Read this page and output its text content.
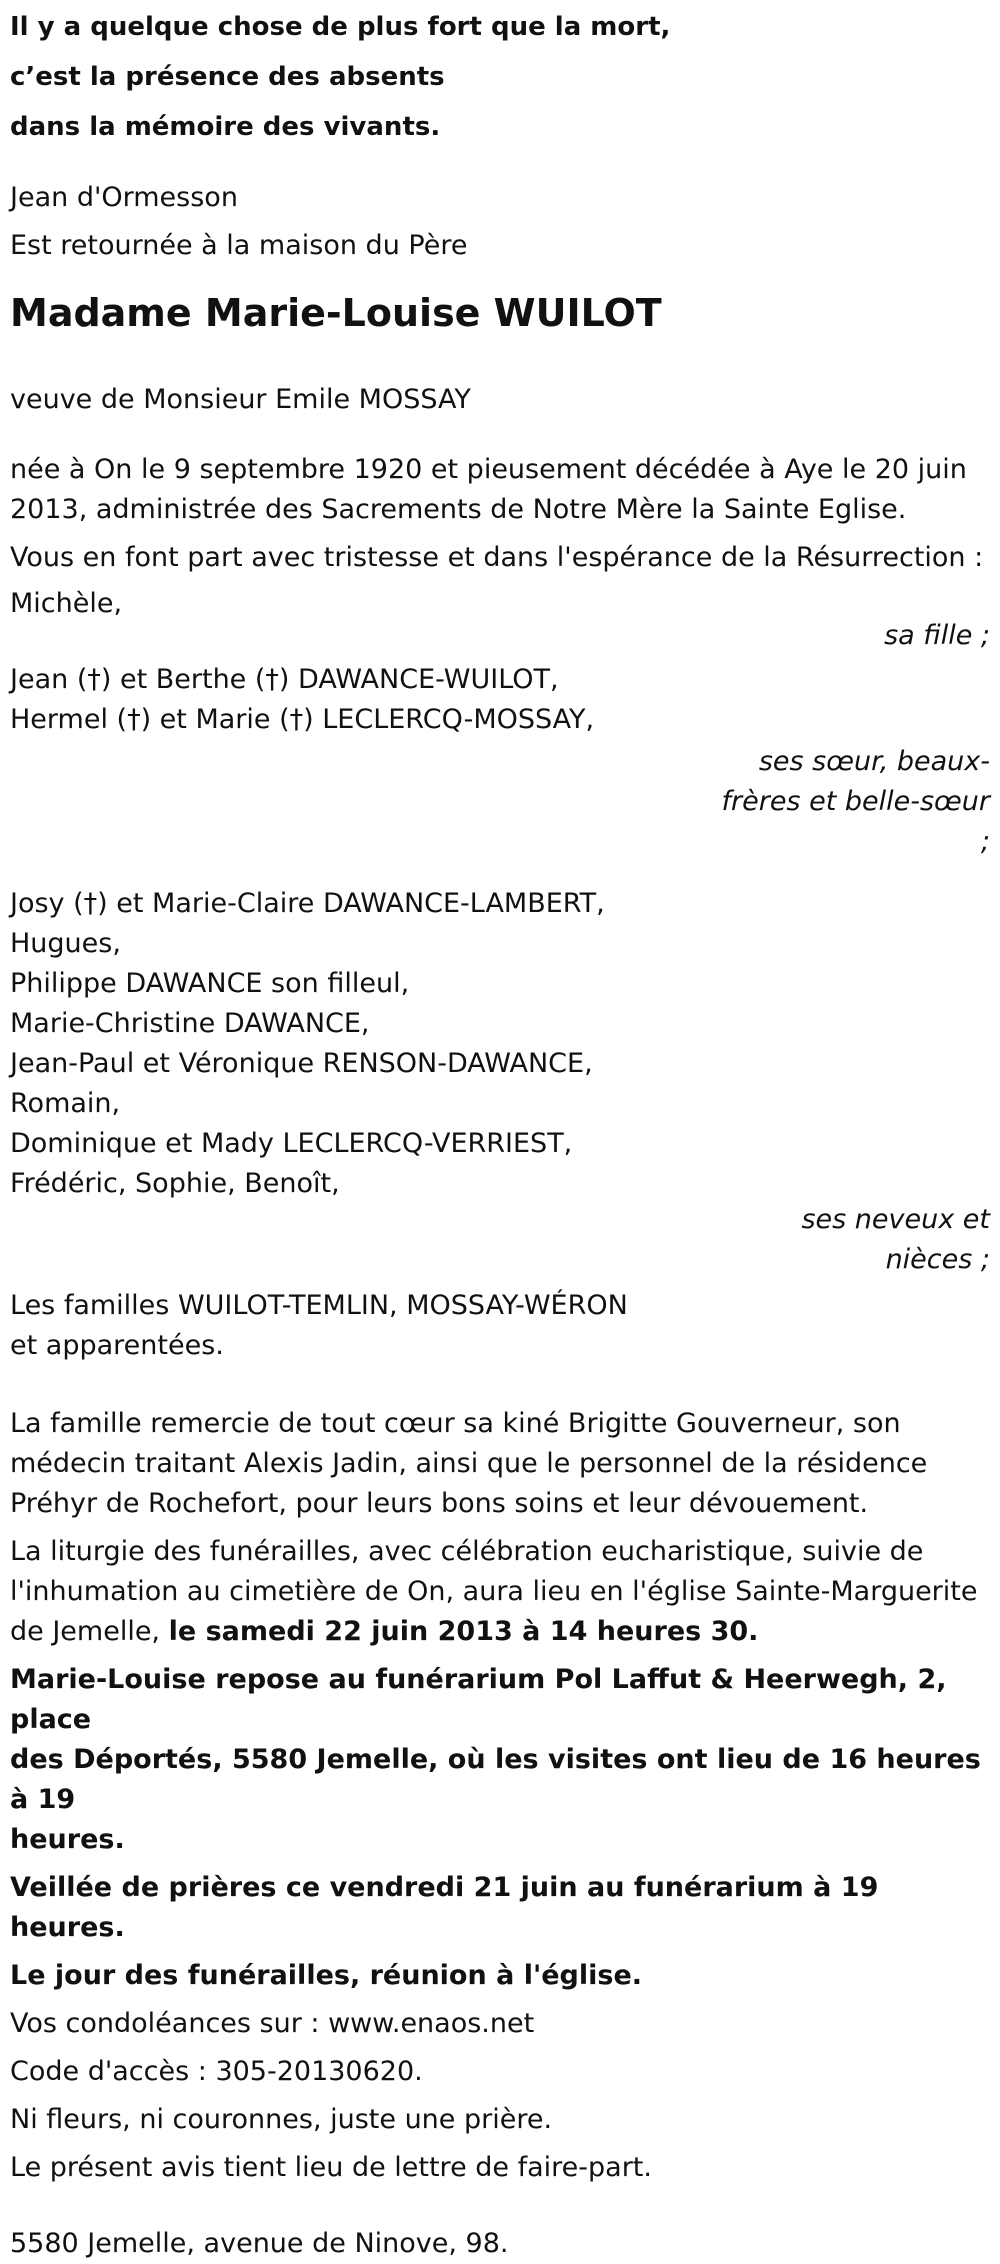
Il y a quelque chose de plus fort que la mort,
c’est la présence des absents
dans la mémoire des vivants.
Jean d'Ormesson
Est retournée à la maison du Père
Madame Marie-Louise WUILOT
veuve de Monsieur Emile MOSSAY
née à On le 9 septembre 1920 et pieusement décédée à Aye le 20 juin
2013, administrée des Sacrements de Notre Mère la Sainte Eglise.
Vous en font part avec tristesse et dans l'espérance de la Résurrection :
Michèle,
sa fille ;
Jean (†) et Berthe (†) DAWANCE-WUILOT,
Hermel (†) et Marie (†) LECLERCQ-MOSSAY,
ses sœur, beaux-
frères et belle-sœur
;
Josy (†) et Marie-Claire DAWANCE-LAMBERT,
Hugues,
Philippe DAWANCE son filleul,
Marie-Christine DAWANCE,
Jean-Paul et Véronique RENSON-DAWANCE,
Romain,
Dominique et Mady LECLERCQ-VERRIEST,
Frédéric, Sophie, Benoît,
ses neveux et
nièces ;
Les familles WUILOT-TEMLIN, MOSSAY-WÉRON
et apparentées.
La famille remercie de tout cœur sa kiné Brigitte Gouverneur, son
médecin traitant Alexis Jadin, ainsi que le personnel de la résidence
Préhyr de Rochefort, pour leurs bons soins et leur dévouement.
La liturgie des funérailles, avec célébration eucharistique, suivie de
l'inhumation au cimetière de On, aura lieu en l'église Sainte-Marguerite
de Jemelle, le samedi 22 juin 2013 à 14 heures 30.
Marie-Louise repose au funérarium Pol Laffut & Heerwegh, 2, place
des Déportés, 5580 Jemelle, où les visites ont lieu de 16 heures à 19
heures.
Veillée de prières ce vendredi 21 juin au funérarium à 19 heures.
Le jour des funérailles, réunion à l'église.
Vos condoléances sur : www.enaos.net
Code d'accès : 305-20130620.
Ni fleurs, ni couronnes, juste une prière.
Le présent avis tient lieu de lettre de faire-part.
5580 Jemelle, avenue de Ninove, 98.
